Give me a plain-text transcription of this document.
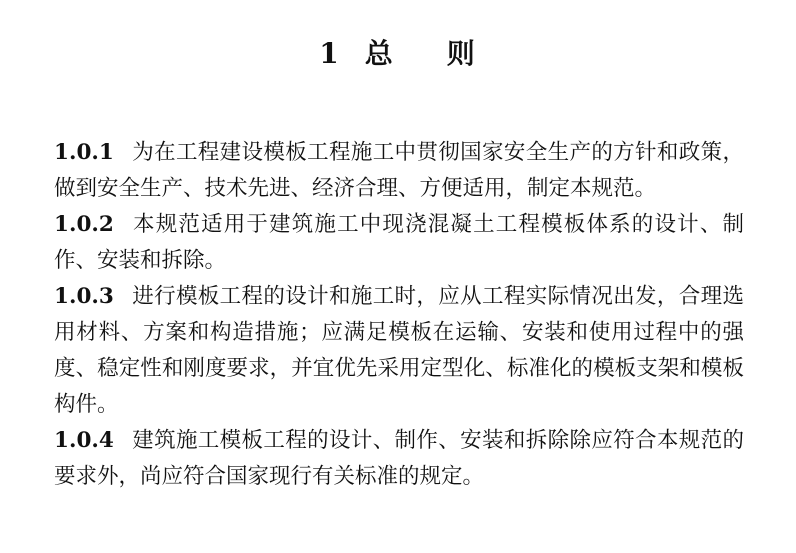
1 总 则

1.0.1 为在工程建设模板工程施工中贯彻国家安全生产的方针和政策，做到安全生产、技术先进、经济合理、方便适用，制定本规范。

1.0.2 本规范适用于建筑施工中现浇混凝土工程模板体系的设计、制作、安装和拆除。

1.0.3 进行模板工程的设计和施工时，应从工程实际情况出发，合理选用材料、方案和构造措施；应满足模板在运输、安装和使用过程中的强度、稳定性和刚度要求，并宜优先采用定型化、标准化的模板支架和模板构件。

1.0.4 建筑施工模板工程的设计、制作、安装和拆除除应符合本规范的要求外，尚应符合国家现行有关标准的规定。
